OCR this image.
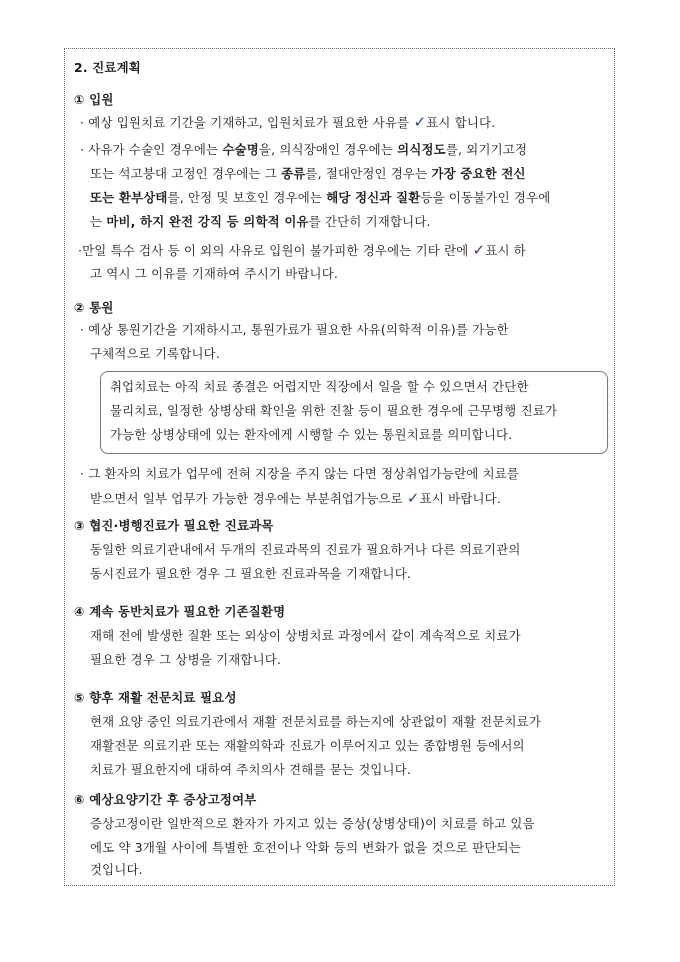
2. 진료계획
① 입원
· 예상 입원치료 기간을 기재하고, 입원치료가 필요한 사유를 ✓표시 합니다.
· 사유가 수술인 경우에는 수술명을, 의식장애인 경우에는 의식정도를, 외기기고정
또는 석고붕대 고정인 경우에는 그 종류를, 절대안정인 경우는 가장 중요한 전신
또는 환부상태를, 안정 및 보호인 경우에는 해당 정신과 질환등을 이동불가인 경우에
는 마비, 하지 완전 강직 등 의학적 이유를 간단히 기재합니다.
·만일 특수 검사 등 이 외의 사유로 입원이 불가피한 경우에는 기타 란에 ✓표시 하
고 역시 그 이유를 기재하여 주시기 바랍니다.
② 통원
· 예상 통원기간을 기재하시고, 통원가료가 필요한 사유(의학적 이유)를 가능한
구체적으로 기록합니다.
취업치료는 아직 치료 종결은 어렵지만 직장에서 일을 할 수 있으면서 간단한
물리치료, 일정한 상병상태 확인을 위한 진찰 등이 필요한 경우에 근무병행 진료가
가능한 상병상태에 있는 환자에게 시행할 수 있는 통원치료를 의미합니다.
· 그 환자의 치료가 업무에 전혀 지장을 주지 않는 다면 정상취업가능란에 치료를
받으면서 일부 업무가 가능한 경우에는 부분취업가능으로 ✓표시 바랍니다.
③ 협진·병행진료가 필요한 진료과목
동일한 의료기관내에서 두개의 진료과목의 진료가 필요하거나 다른 의료기관의
동시진료가 필요한 경우 그 필요한 진료과목을 기재합니다.
④ 계속 동반치료가 필요한 기존질환명
재해 전에 발생한 질환 또는 외상이 상병치료 과정에서 같이 계속적으로 치료가
필요한 경우 그 상병을 기재합니다.
⑤ 향후 재활 전문치료 필요성
현재 요양 중인 의료기관에서 재활 전문치료를 하는지에 상관없이 재활 전문치료가
재활전문 의료기관 또는 재활의학과 진료가 이루어지고 있는 종합병원 등에서의
치료가 필요한지에 대하여 주치의사 견해를 묻는 것입니다.
⑥ 예상요양기간 후 증상고정여부
증상고정이란 일반적으로 환자가 가지고 있는 증상(상병상태)이 치료를 하고 있음
에도 약 3개월 사이에 특별한 호전이나 악화 등의 변화가 없을 것으로 판단되는
것입니다.
